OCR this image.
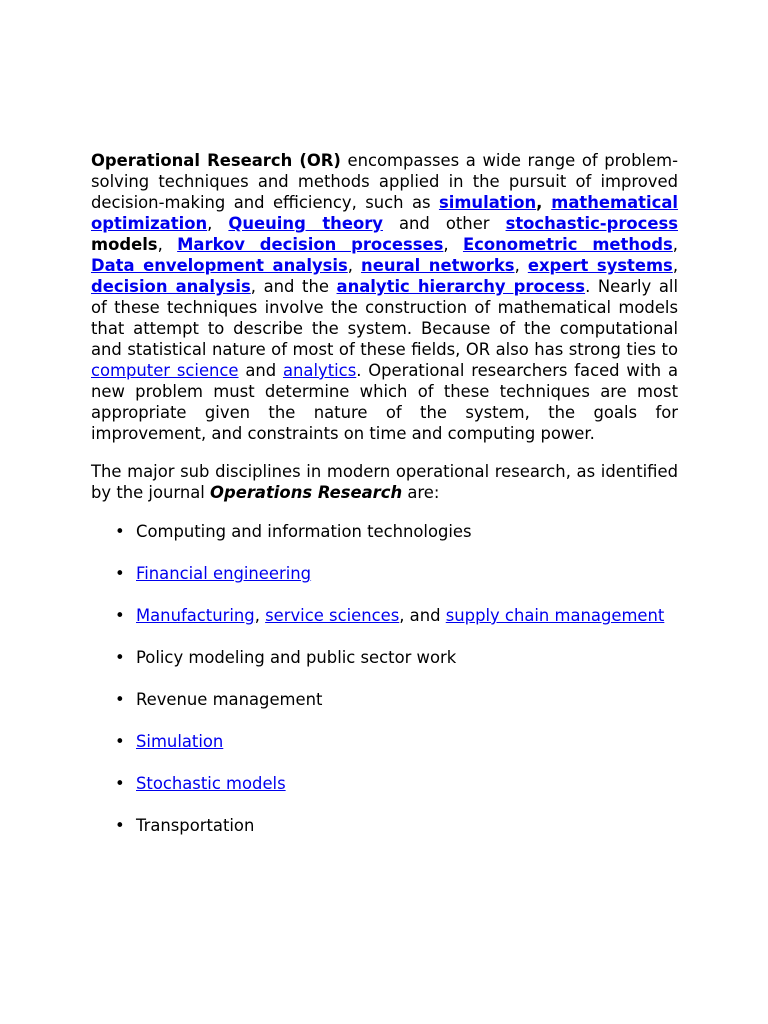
Operational Research (OR) encompasses a wide range of problem-solving techniques and methods applied in the pursuit of improved decision-making and efficiency, such as simulation, mathematical optimization, Queuing theory and other stochastic-process models, Markov decision processes, Econometric methods, Data envelopment analysis, neural networks, expert systems, decision analysis, and the analytic hierarchy process. Nearly all of these techniques involve the construction of mathematical models that attempt to describe the system. Because of the computational and statistical nature of most of these fields, OR also has strong ties to computer science and analytics. Operational researchers faced with a new problem must determine which of these techniques are most appropriate given the nature of the system, the goals for improvement, and constraints on time and computing power.

The major sub disciplines in modern operational research, as identified by the journal Operations Research are:

• Computing and information technologies
• Financial engineering
• Manufacturing, service sciences, and supply chain management
• Policy modeling and public sector work
• Revenue management
• Simulation
• Stochastic models
• Transportation
